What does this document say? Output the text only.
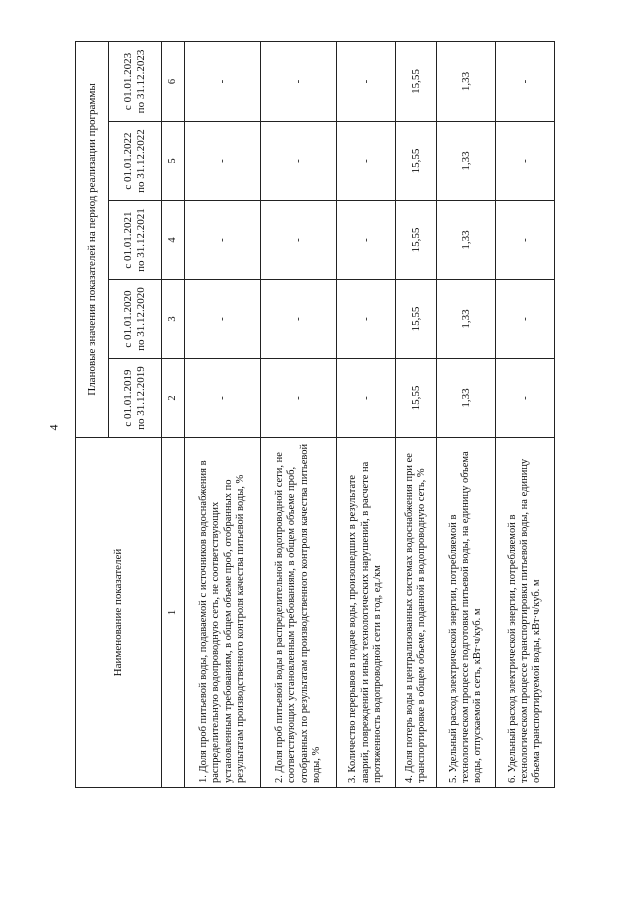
4
Наименование показателей	Плановые значения показателей на период реализации программы				
	с 01.01.2019 по 31.12.2019	с 01.01.2020 по 31.12.2020	с 01.01.2021 по 31.12.2021	с 01.01.2022 по 31.12.2022	с 01.01.2023 по 31.12.2023
1	2	3	4	5	6
1. Доля проб питьевой воды, подаваемой с источников водоснабжения в распределительную водопроводную сеть, не соответствующих установленным требованиям, в общем объеме проб, отобранных по результатам производственного контроля качества питьевой воды, %	-	-	-	-	-
2. Доля проб питьевой воды в распределительной водопроводной сети, не соответствующих установленным требованиям, в общем объеме проб, отобранных по результатам производственного контроля качества питьевой воды, %	-	-	-	-	-
3. Количество перерывов в подаче воды, произошедших в результате аварий, повреждений и иных технологических нарушений, в расчете на протяженность водопроводной сети в год, ед./км	-	-	-	-	-
4. Доля потерь воды в централизованных системах водоснабжения при ее транспортировке в общем объеме, поданной в водопроводную сеть, %	15,55	15,55	15,55	15,55	15,55
5. Удельный расход электрической энергии, потребляемой в технологическом процессе подготовки питьевой воды, на единицу объема воды, отпускаемой в сеть, кВт·ч/куб. м	1,33	1,33	1,33	1,33	1,33
6. Удельный расход электрической энергии, потребляемой в технологическом процессе транспортировки питьевой воды, на единицу объема транспортируемой воды, кВт·ч/куб. м	-	-	-	-	-
